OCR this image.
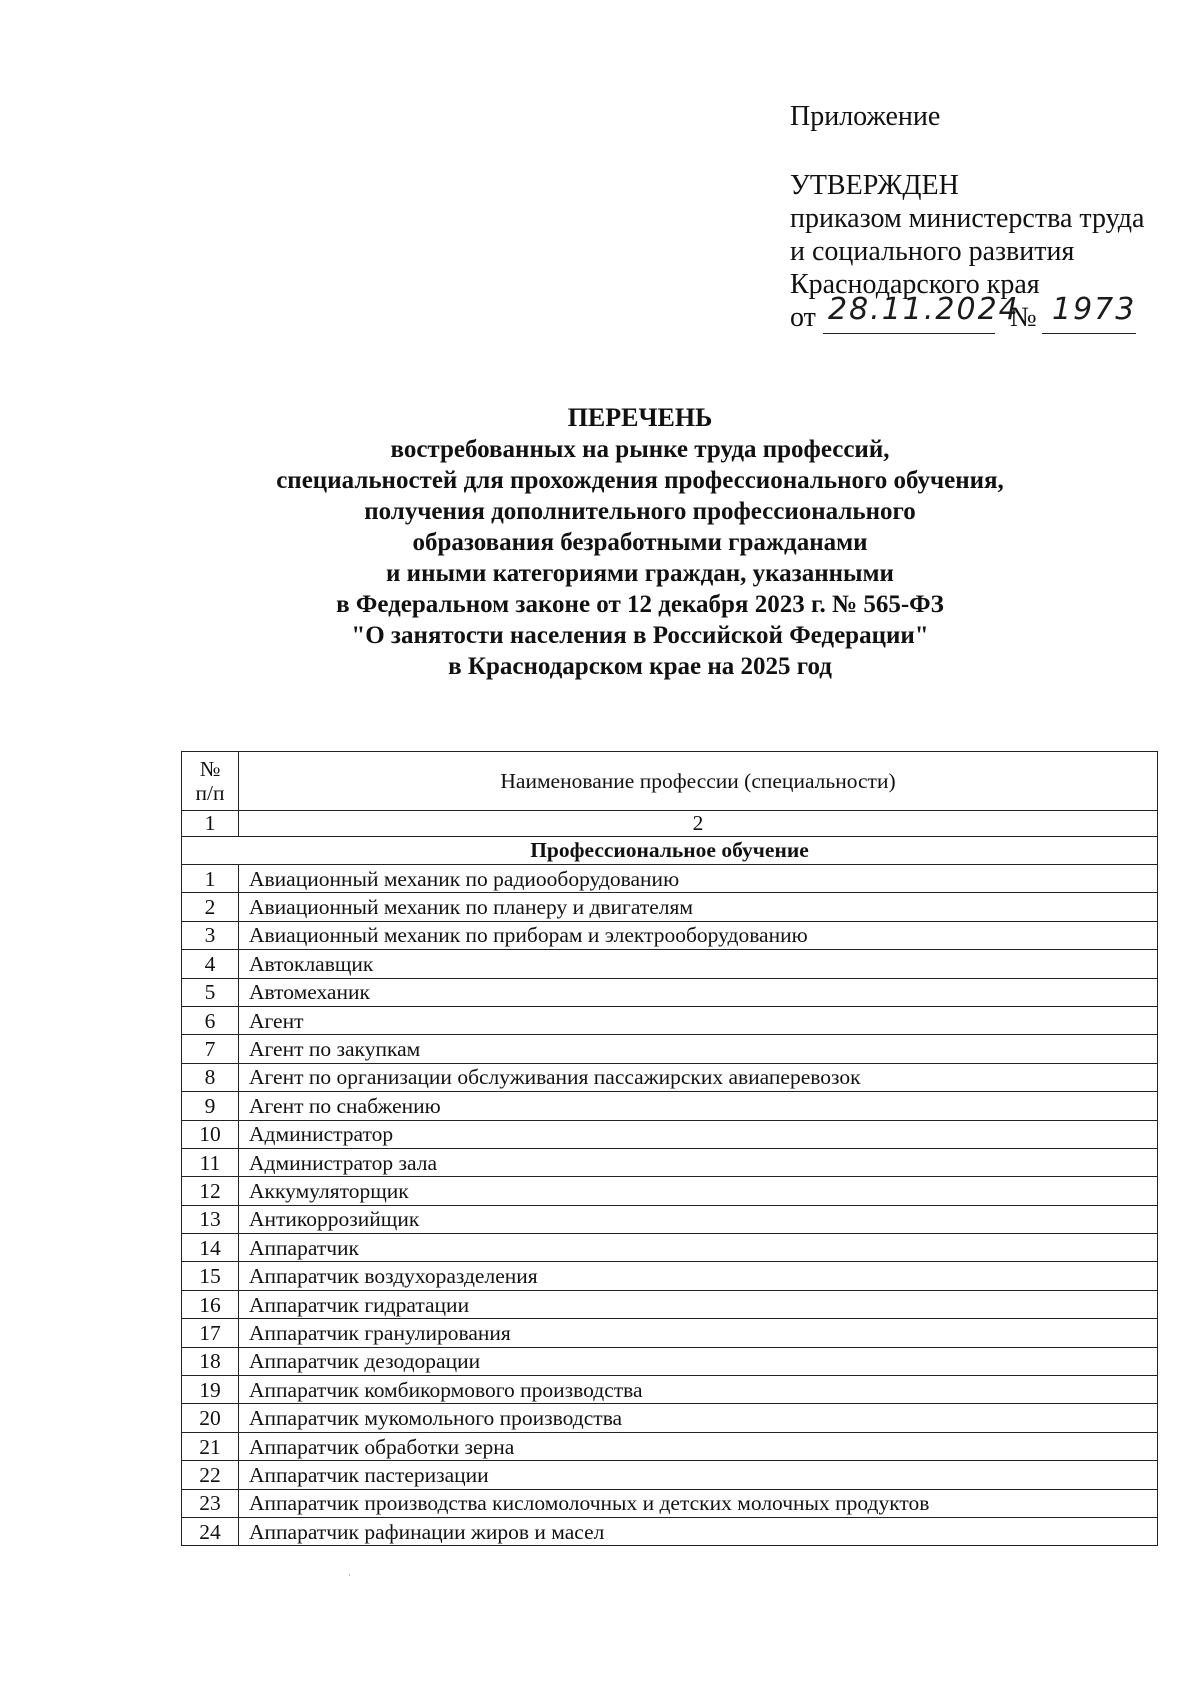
Приложение
УТВЕРЖДЕН
приказом министерства труда
и социального развития
Краснодарского края
от 28.11.2024
№ 1973
ПЕРЕЧЕНЬ
востребованных на рынке труда профессий,
специальностей для прохождения профессионального обучения,
получения дополнительного профессионального
образования безработными гражданами
и иными категориями граждан, указанными
в Федеральном законе от 12 декабря 2023 г. № 565-ФЗ
"О занятости населения в Российской Федерации"
в Краснодарском крае на 2025 год
№
п/п	Наименование профессии (специальности)
1	2
Профессиональное обучение	
1	Авиационный механик по радиооборудованию
2	Авиационный механик по планеру и двигателям
3	Авиационный механик по приборам и электрооборудованию
4	Автоклавщик
5	Автомеханик
6	Агент
7	Агент по закупкам
8	Агент по организации обслуживания пассажирских авиаперевозок
9	Агент по снабжению
10	Администратор
11	Администратор зала
12	Аккумуляторщик
13	Антикоррозийщик
14	Аппаратчик
15	Аппаратчик воздухоразделения
16	Аппаратчик гидратации
17	Аппаратчик гранулирования
18	Аппаратчик дезодорации
19	Аппаратчик комбикормового производства
20	Аппаратчик мукомольного производства
21	Аппаратчик обработки зерна
22	Аппаратчик пастеризации
23	Аппаратчик производства кисломолочных и детских молочных продуктов
24	Аппаратчик рафинации жиров и масел
